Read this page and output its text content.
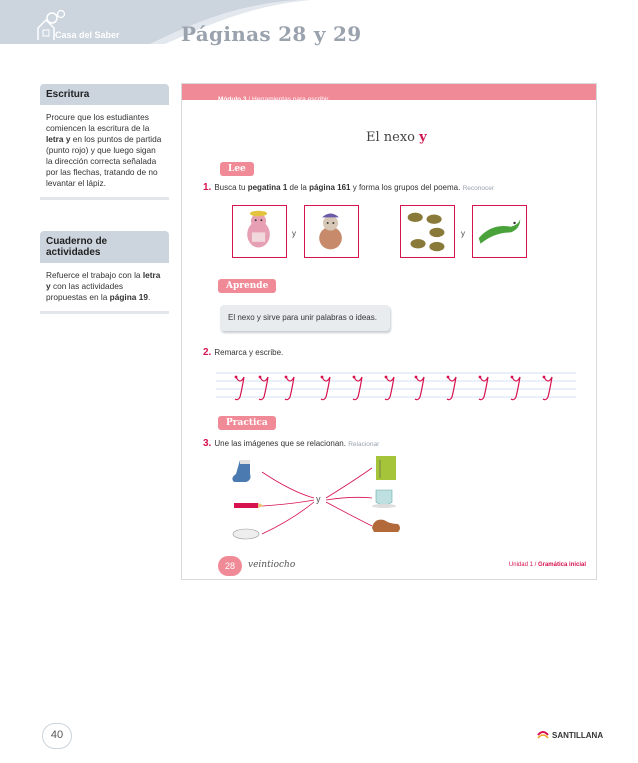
Casa del Saber	Páginas 28 y 29
Escritura
Procure que los estudiantes comiencen la escritura de la letra y en los puntos de partida (punto rojo) y que luego sigan la dirección correcta señalada por las flechas, tratando de no levantar el lápiz.
Cuaderno de actividades
Refuerce el trabajo con la letra y con las actividades propuestas en la página 19.
Módulo 3 / Herramientas para escribir
El nexo y
Lee
1. Busca tu pegatina 1 de la página 161 y forma los grupos del poema. Reconocer
y	y
Aprende
El nexo y sirve para unir palabras o ideas.
2. Remarca y escribe.
Practica
3. Une las imágenes que se relacionan. Relacionar
y
28	veintiocho	Unidad 1 / Gramática inicial
40	SANTILLANA
